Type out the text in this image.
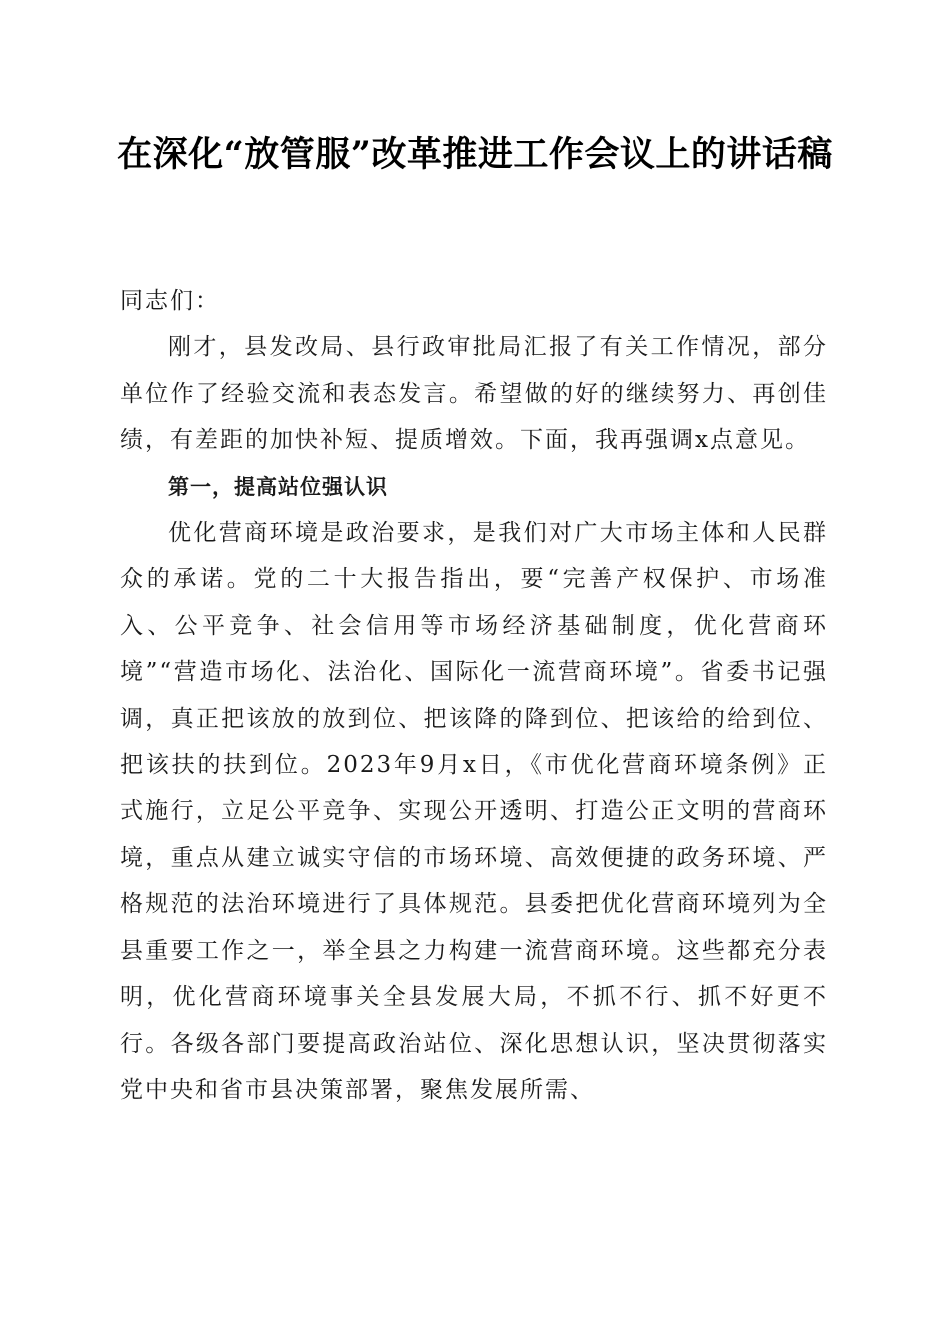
在深化“放管服”改革推进工作会议上的讲话稿

同志们：

刚才，县发改局、县行政审批局汇报了有关工作情况，部分单位作了经验交流和表态发言。希望做的好的继续努力、再创佳绩，有差距的加快补短、提质增效。下面，我再强调x点意见。

第一，提高站位强认识

优化营商环境是政治要求，是我们对广大市场主体和人民群众的承诺。党的二十大报告指出，要“完善产权保护、市场准入、公平竞争、社会信用等市场经济基础制度，优化营商环境”“营造市场化、法治化、国际化一流营商环境”。省委书记强调，真正把该放的放到位、把该降的降到位、把该给的给到位、把该扶的扶到位。2023年9月x日，《市优化营商环境条例》正式施行，立足公平竞争、实现公开透明、打造公正文明的营商环境，重点从建立诚实守信的市场环境、高效便捷的政务环境、严格规范的法治环境进行了具体规范。县委把优化营商环境列为全县重要工作之一，举全县之力构建一流营商环境。这些都充分表明，优化营商环境事关全县发展大局，不抓不行、抓不好更不行。各级各部门要提高政治站位、深化思想认识，坚决贯彻落实党中央和省市县决策部署，聚焦发展所需、
